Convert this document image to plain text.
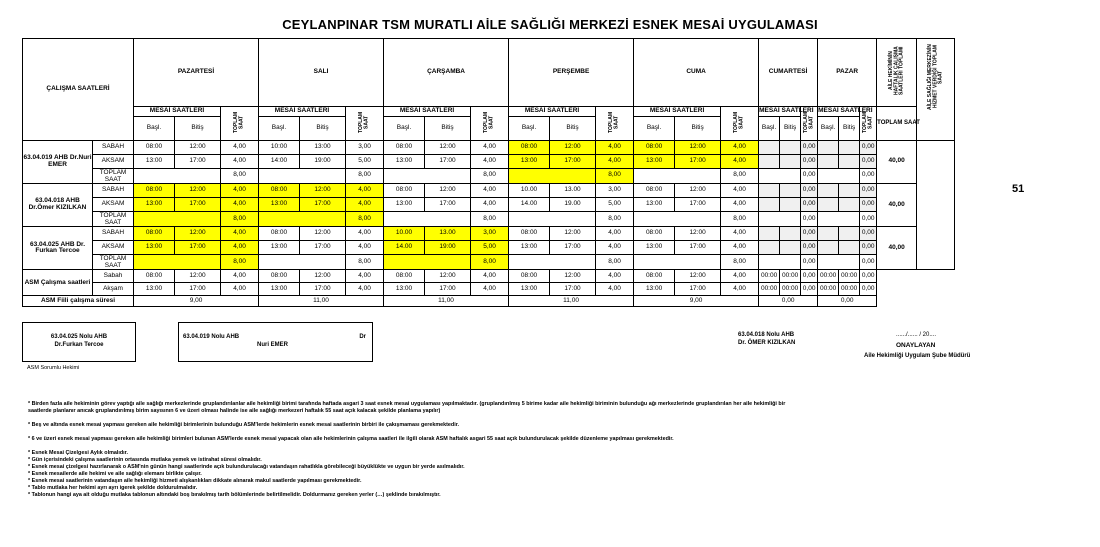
CEYLANPINAR TSM MURATLI AİLE SAĞLIĞI MERKEZİ ESNEK MESAİ UYGULAMASI
ÇALIŞMA SAATLERİ		PAZARTESİ			SALI			ÇARŞAMBA			PERŞEMBE			CUMA			CUMARTESİ			PAZAR			AİLE HEKİMİNİN HAFTALIK ÇALIŞMA SAATLERİ TOPLAMI	AİLE SAĞLIĞI MERKEZİNİN HİZMET VERDİĞİ TOPLAM SAAT
		MESAİ SAATLERİ		TOPLAM SAAT	MESAİ SAATLERİ		TOPLAM SAAT	MESAİ SAATLERİ		TOPLAM SAAT	MESAİ SAATLERİ		TOPLAM SAAT	MESAİ SAATLERİ		TOPLAM SAAT	MESAİ SAATLERİ		TOPLAM SAAT	MESAİ SAATLERİ		TOPLAM SAAT	TOPLAM SAAT	

		Başl.	Bitiş		Başl.	Bitiş		Başl.	Bitiş		Başl.	Bitiş		Başl.	Bitiş		Başl.	Bitiş		Başl.	Bitiş			
63.04.019 AHB Dr.Nuri EMER	SABAH	08:00	12:00	4,00	10:00	13:00	3,00	08:00	12:00	4,00	08:00	12:00	4,00	08:00	12:00	4,00			0,00			0,00	40,00	
	AKSAM	13:00	17:00	4,00	14:00	19:00	5,00	13:00	17:00	4,00	13:00	17:00	4,00	13:00	17:00	4,00			0,00			0,00		
	TOPLAM SAAT			8,00			8,00			8,00			8,00			8,00			0,00			0,00		
63.04.018 AHB Dr.Ömer KIZILKAN	SABAH	08:00	12:00	4,00	08:00	12:00	4,00	08:00	12:00	4,00	10.00	13.00	3,00	08:00	12:00	4,00			0,00			0,00	40,00	
	AKSAM	13:00	17:00	4,00	13:00	17:00	4,00	13:00	17:00	4,00	14.00	19.00	5,00	13:00	17:00	4,00			0,00			0,00		
	TOPLAM SAAT			8,00			8,00			8,00			8,00			8,00			0,00			0,00		
63.04.025 AHB Dr. Furkan Tercoe	SABAH	08:00	12:00	4,00	08:00	12:00	4,00	10.00	13.00	3,00	08:00	12:00	4,00	08:00	12:00	4,00			0,00			0,00	40,00	
	AKSAM	13:00	17:00	4,00	13:00	17:00	4,00	14.00	19:00	5,00	13:00	17:00	4,00	13:00	17:00	4,00			0,00			0,00		
	TOPLAM SAAT			8,00			8,00			8,00			8,00			8,00			0,00			0,00		
ASM Çalışma saatleri	Sabah	08:00	12:00	4,00	08:00	12:00	4,00	08:00	12:00	4,00	08:00	12:00	4,00	08:00	12:00	4,00	00:00	00:00	0,00	00:00	00:00	0,00		
	Akşam	13:00	17:00	4,00	13:00	17:00	4,00	13:00	17:00	4,00	13:00	17:00	4,00	13:00	17:00	4,00	00:00	00:00	0,00	00:00	00:00	0,00		
ASM Fiili çalışma süresi		9,00			11,00			11,00			11,00			9,00			0,00			0,00				
51
63.04.025 Nolu AHB
Dr.Furkan Tercoe
63.04.019 Nolu AHB	Dr
Nuri EMER
ASM Sorumlu Hekimi
63.04.018 Nolu AHB
Dr. ÖMER KIZILKAN
....../...... / 20....
ONAYLAYAN
Aile Hekimliği Uygulam Şube Müdürü

* Birden fazla aile hekiminin görev yaptığı aile sağlığı merkezlerinde gruplandırılanlar aile hekimliği birimi tarafında haftada asgari 3 saat esnek mesai uygulaması yapılmaktadır. (gruplandırılmış 5 birime kadar aile hekimliği biriminin bulunduğu ağı merkezlerinde gruplandırılan her aile hekimliği bir

saatlerde planlanır anıcak gruplandırılmış birim sayısının 6 ve üzeri olması halinde ise aile sağlığı merkezeri haftalık 55 saat açık kalacak şekilde planlama yapılır)

* Beş ve altında esnek mesai yapması gereken aile hekimliği birimlerinin bulunduğu ASM'lerde hekimlerin esnek mesai saatlerinin birbiri ile çakışmaması gerekmektedir.

* 6 ve üzeri esnek mesai yapması gereken aile hekimliği birimleri bulunan ASM'lerde esnek mesai yapacak olan aile hekimlerinin çalışma saatleri ile ilgili olarak ASM haftalık asgari 55 saat açık bulundurulacak şekilde düzenleme yapılması gerekmektedir.

* Esnek Mesai Çizelgesi Aylık olmalıdır.

* Gün içerisindeki çalışma saatlerinin ortasında mutlaka yemek ve istirahat süresi olmalıdır.

* Esnek mesai çizelgesi hazırlanarak o ASM'nin günün hangi saatlerinde açık bulundurulacağı vatandaşın rahatlıkla görebileceği büyüklükte ve uygun bir yerde asılmalıdır.

* Esnek mesailerde aile hekimi ve aile sağlığı elemanı birlikte çalışır.

* Esnek mesai saatlerinin vatandaşın aile hekimliği hizmeti alışkanlıkları dikkate alınarak makul saatlerde yapılması gerekmektedir.

* Tablo mutlaka her hekimi ayrı ayrı igerek şekilde doldurulmalıdır.

* Tablonun hangi aya ait olduğu mutlaka tablonun altındaki boş bırakılmış tarih bölümlerinde belirtilmelidir. Doldurmanız gereken yerler (…) şeklinde bırakılmıştır.
